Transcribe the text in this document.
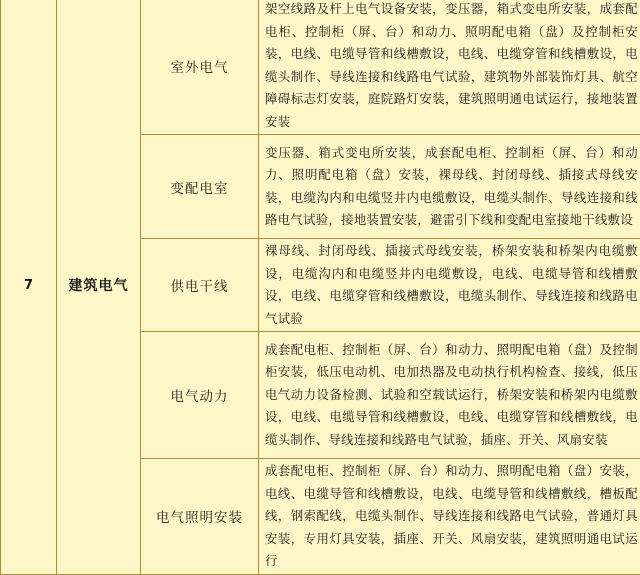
7	建筑电气	室外电气	架空线路及杆上电气设备安装，变压器，箱式变电所安装，成套配电柜、控制柜（屏、台）和动力、照明配电箱（盘）及控制柜安装，电线、电缆导管和线槽敷设，电线、电缆穿管和线槽敷设，电缆头制作、导线连接和线路电气试验，建筑物外部装饰灯具、航空障碍标志灯安装，庭院路灯安装，建筑照明通电试运行，接地装置安装
		变配电室	变压器、箱式变电所安装，成套配电柜、控制柜（屏、台）和动力、照明配电箱（盘）安装，裸母线、封闭母线、插接式母线安装，电缆沟内和电缆竖井内电缆敷设，电缆头制作、导线连接和线路电气试验，接地装置安装，避雷引下线和变配电室接地干线敷设
		供电干线	裸母线、封闭母线、插接式母线安装，桥架安装和桥架内电缆敷设，电缆沟内和电缆竖井内电缆敷设，电线、电缆导管和线槽敷设，电线、电缆穿管和线槽敷设，电缆头制作、导线连接和线路电气试验
		电气动力	成套配电柜、控制柜（屏、台）和动力、照明配电箱（盘）及控制柜安装，低压电动机、电加热器及电动执行机构检查、接线，低压电气动力设备检测、试验和空载试运行，桥架安装和桥架内电缆敷设，电线、电缆导管和线槽敷设，电线、电缆穿管和线槽敷线，电缆头制作、导线连接和线路电气试验，插座、开关、风扇安装
		电气照明安装	成套配电柜、控制柜（屏、台）和动力、照明配电箱（盘）安装，电线、电缆导管和线槽敷设，电线、电缆导管和线槽敷线，槽板配线，钢索配线，电缆头制作、导线连接和线路电气试验，普通灯具安装，专用灯具安装，插座、开关、风扇安装，建筑照明通电试运行
